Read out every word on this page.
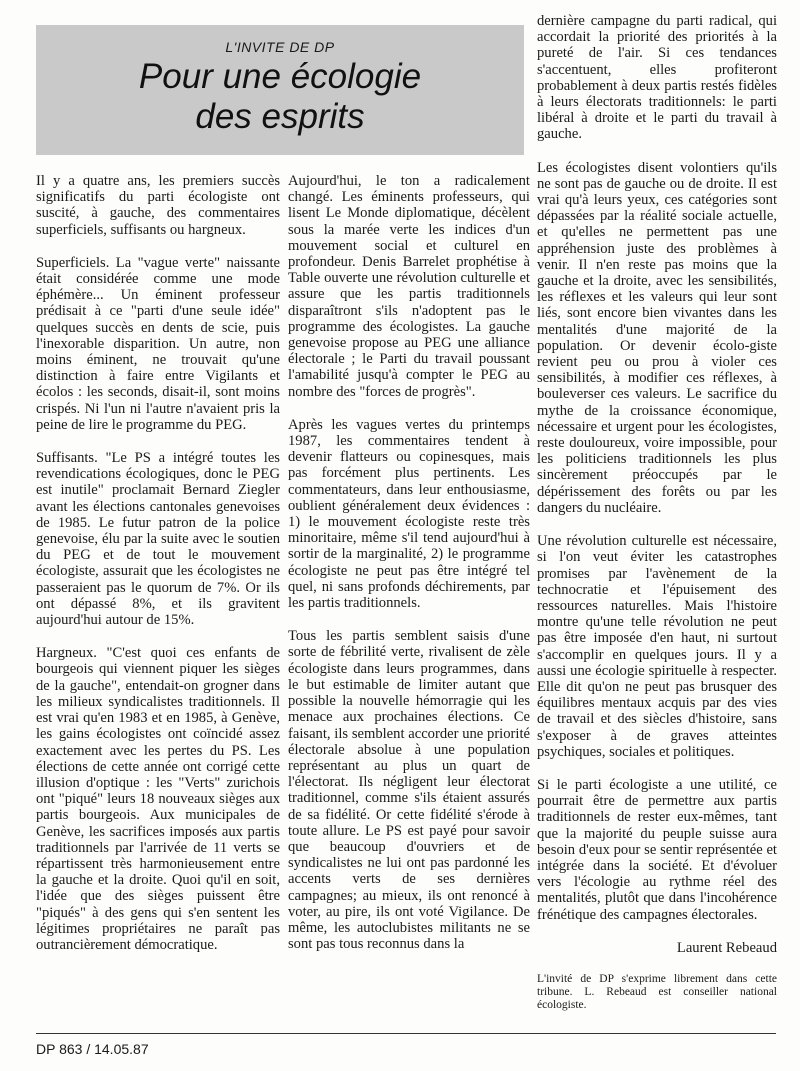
L'INVITE DE DP

Pour une écologie
des esprits

Il y a quatre ans, les premiers succès significatifs du parti écologiste ont suscité, à gauche, des commentaires superficiels, suffisants ou hargneux.

Superficiels. La "vague verte" naissante était considérée comme une mode éphémère... Un éminent professeur prédisait à ce "parti d'une seule idée" quelques succès en dents de scie, puis l'inexorable disparition. Un autre, non moins éminent, ne trouvait qu'une distinction à faire entre Vigilants et écolos : les seconds, disait-il, sont moins crispés. Ni l'un ni l'autre n'avaient pris la peine de lire le programme du PEG.

Suffisants. "Le PS a intégré toutes les revendications écologiques, donc le PEG est inutile" proclamait Bernard Ziegler avant les élections cantonales genevoises de 1985. Le futur patron de la police genevoise, élu par la suite avec le soutien du PEG et de tout le mouvement écologiste, assurait que les écologistes ne passeraient pas le quorum de 7%. Or ils ont dépassé 8%, et ils gravitent aujourd'hui autour de 15%.

Hargneux. "C'est quoi ces enfants de bourgeois qui viennent piquer les sièges de la gauche", entendait-on grogner dans les milieux syndicalistes traditionnels. Il est vrai qu'en 1983 et en 1985, à Genève, les gains écologistes ont coïncidé assez exactement avec les pertes du PS. Les élections de cette année ont corrigé cette illusion d'optique : les "Verts" zurichois ont "piqué" leurs 18 nouveaux sièges aux partis bourgeois. Aux municipales de Genève, les sacrifices imposés aux partis traditionnels par l'arrivée de 11 verts se répartissent très harmonieusement entre la gauche et la droite. Quoi qu'il en soit, l'idée que des sièges puissent être "piqués" à des gens qui s'en sentent les légitimes propriétaires ne paraît pas outrancièrement démocratique.

Aujourd'hui, le ton a radicalement changé. Les éminents professeurs, qui lisent Le Monde diplomatique, décèlent sous la marée verte les indices d'un mouvement social et culturel en profondeur. Denis Barrelet prophétise à Table ouverte une révolution culturelle et assure que les partis traditionnels disparaîtront s'ils n'adoptent pas le programme des écologistes. La gauche genevoise propose au PEG une alliance électorale ; le Parti du travail poussant l'amabilité jusqu'à compter le PEG au nombre des "forces de progrès".

Après les vagues vertes du printemps 1987, les commentaires tendent à devenir flatteurs ou copinesques, mais pas forcément plus pertinents. Les commentateurs, dans leur enthousiasme, oublient généralement deux évidences : 1) le mouvement écologiste reste très minoritaire, même s'il tend aujourd'hui à sortir de la marginalité, 2) le programme écologiste ne peut pas être intégré tel quel, ni sans profonds déchirements, par les partis traditionnels.

Tous les partis semblent saisis d'une sorte de fébrilité verte, rivalisent de zèle écologiste dans leurs programmes, dans le but estimable de limiter autant que possible la nouvelle hémorragie qui les menace aux prochaines élections. Ce faisant, ils semblent accorder une priorité électorale absolue à une population représentant au plus un quart de l'électorat. Ils négligent leur électorat traditionnel, comme s'ils étaient assurés de sa fidélité. Or cette fidélité s'érode à toute allure. Le PS est payé pour savoir que beaucoup d'ouvriers et de syndicalistes ne lui ont pas pardonné les accents verts de ses dernières campagnes; au mieux, ils ont renoncé à voter, au pire, ils ont voté Vigilance. De même, les autoclubistes militants ne se sont pas tous reconnus dans la

dernière campagne du parti radical, qui accordait la priorité des priorités à la pureté de l'air. Si ces tendances s'accentuent, elles profiteront probablement à deux partis restés fidèles à leurs électorats traditionnels: le parti libéral à droite et le parti du travail à gauche.

Les écologistes disent volontiers qu'ils ne sont pas de gauche ou de droite. Il est vrai qu'à leurs yeux, ces catégories sont dépassées par la réalité sociale actuelle, et qu'elles ne permettent pas une appréhension juste des problèmes à venir. Il n'en reste pas moins que la gauche et la droite, avec les sensibilités, les réflexes et les valeurs qui leur sont liés, sont encore bien vivantes dans les mentalités d'une majorité de la population. Or devenir écolo-giste revient peu ou prou à violer ces sensibilités, à modifier ces réflexes, à bouleverser ces valeurs. Le sacrifice du mythe de la croissance économique, nécessaire et urgent pour les écologistes, reste douloureux, voire impossible, pour les politiciens traditionnels les plus sincèrement préoccupés par le dépérissement des forêts ou par les dangers du nucléaire.

Une révolution culturelle est nécessaire, si l'on veut éviter les catastrophes promises par l'avènement de la technocratie et l'épuisement des ressources naturelles. Mais l'histoire montre qu'une telle révolution ne peut pas être imposée d'en haut, ni surtout s'accomplir en quelques jours. Il y a aussi une écologie spirituelle à respecter. Elle dit qu'on ne peut pas brusquer des équilibres mentaux acquis par des vies de travail et des siècles d'histoire, sans s'exposer à de graves atteintes psychiques, sociales et politiques.

Si le parti écologiste a une utilité, ce pourrait être de permettre aux partis traditionnels de rester eux-mêmes, tant que la majorité du peuple suisse aura besoin d'eux pour se sentir représentée et intégrée dans la société. Et d'évoluer vers l'écologie au rythme réel des mentalités, plutôt que dans l'incohérence frénétique des campagnes électorales.

Laurent Rebeaud

L'invité de DP s'exprime librement dans cette tribune. L. Rebeaud est conseiller national écologiste.
DP 863 / 14.05.87
